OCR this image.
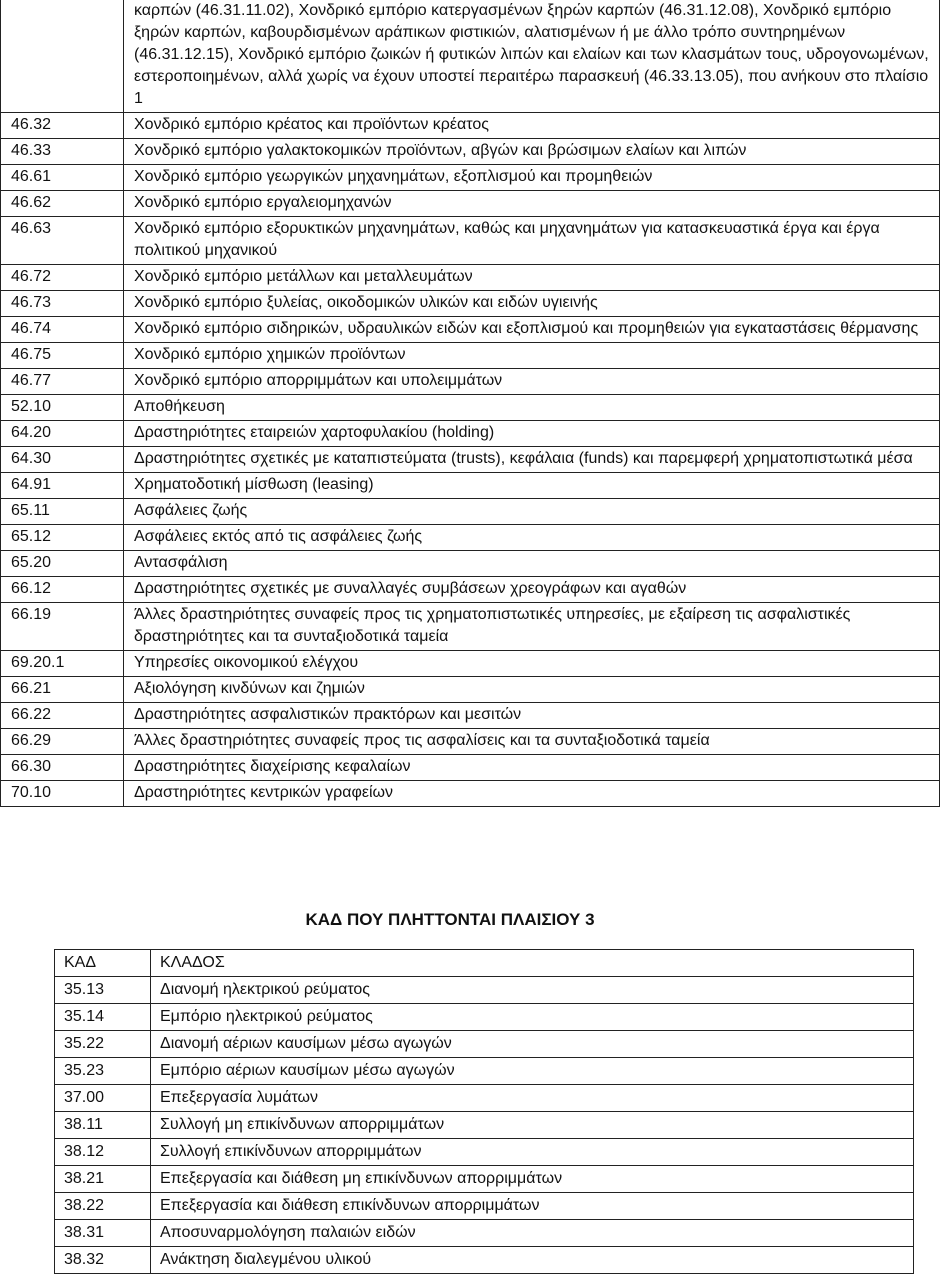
	καρπών (46.31.11.02), Χονδρικό εμπόριο κατεργασμένων ξηρών καρπών (46.31.12.08), Χονδρικό εμπόριο ξηρών καρπών, καβουρδισμένων αράπικων φιστικιών, αλατισμένων ή με άλλο τρόπο συντηρημένων (46.31.12.15), Χονδρικό εμπόριο ζωικών ή φυτικών λιπών και ελαίων και των κλασμάτων τους, υδρογονωμένων, εστεροποιημένων, αλλά χωρίς να έχουν υποστεί περαιτέρω παρασκευή (46.33.13.05), που ανήκουν στο πλαίσιο 1
46.32	Χονδρικό εμπόριο κρέατος και προϊόντων κρέατος
46.33	Χονδρικό εμπόριο γαλακτοκομικών προϊόντων, αβγών και βρώσιμων ελαίων και λιπών
46.61	Χονδρικό εμπόριο γεωργικών μηχανημάτων, εξοπλισμού και προμηθειών
46.62	Χονδρικό εμπόριο εργαλειομηχανών
46.63	Χονδρικό εμπόριο εξορυκτικών μηχανημάτων, καθώς και μηχανημάτων για κατασκευαστικά έργα και έργα πολιτικού μηχανικού
46.72	Χονδρικό εμπόριο μετάλλων και μεταλλευμάτων
46.73	Χονδρικό εμπόριο ξυλείας, οικοδομικών υλικών και ειδών υγιεινής
46.74	Χονδρικό εμπόριο σιδηρικών, υδραυλικών ειδών και εξοπλισμού και προμηθειών για εγκαταστάσεις θέρμανσης
46.75	Χονδρικό εμπόριο χημικών προϊόντων
46.77	Χονδρικό εμπόριο απορριμμάτων και υπολειμμάτων
52.10	Αποθήκευση
64.20	Δραστηριότητες εταιρειών χαρτοφυλακίου (holding)
64.30	Δραστηριότητες σχετικές με καταπιστεύματα (trusts), κεφάλαια (funds) και παρεμφερή χρηματοπιστωτικά μέσα
64.91	Χρηματοδοτική μίσθωση (leasing)
65.11	Ασφάλειες ζωής
65.12	Ασφάλειες εκτός από τις ασφάλειες ζωής
65.20	Αντασφάλιση
66.12	Δραστηριότητες σχετικές με συναλλαγές συμβάσεων χρεογράφων και αγαθών
66.19	Άλλες δραστηριότητες συναφείς προς τις χρηματοπιστωτικές υπηρεσίες, με εξαίρεση τις ασφαλιστικές δραστηριότητες και τα συνταξιοδοτικά ταμεία
69.20.1	Υπηρεσίες οικονομικού ελέγχου
66.21	Αξιολόγηση κινδύνων και ζημιών
66.22	Δραστηριότητες ασφαλιστικών πρακτόρων και μεσιτών
66.29	Άλλες δραστηριότητες συναφείς προς τις ασφαλίσεις και τα συνταξιοδοτικά ταμεία
66.30	Δραστηριότητες διαχείρισης κεφαλαίων
70.10	Δραστηριότητες κεντρικών γραφείων
ΚΑΔ ΠΟΥ ΠΛΗΤΤΟΝΤΑΙ ΠΛΑΙΣΙΟΥ 3
ΚΑΔ	ΚΛΑΔΟΣ
35.13	Διανομή ηλεκτρικού ρεύματος
35.14	Εμπόριο ηλεκτρικού ρεύματος
35.22	Διανομή αέριων καυσίμων μέσω αγωγών
35.23	Εμπόριο αέριων καυσίμων μέσω αγωγών
37.00	Επεξεργασία λυμάτων
38.11	Συλλογή μη επικίνδυνων απορριμμάτων
38.12	Συλλογή επικίνδυνων απορριμμάτων
38.21	Επεξεργασία και διάθεση μη επικίνδυνων απορριμμάτων
38.22	Επεξεργασία και διάθεση επικίνδυνων απορριμμάτων
38.31	Αποσυναρμολόγηση παλαιών ειδών
38.32	Ανάκτηση διαλεγμένου υλικού
